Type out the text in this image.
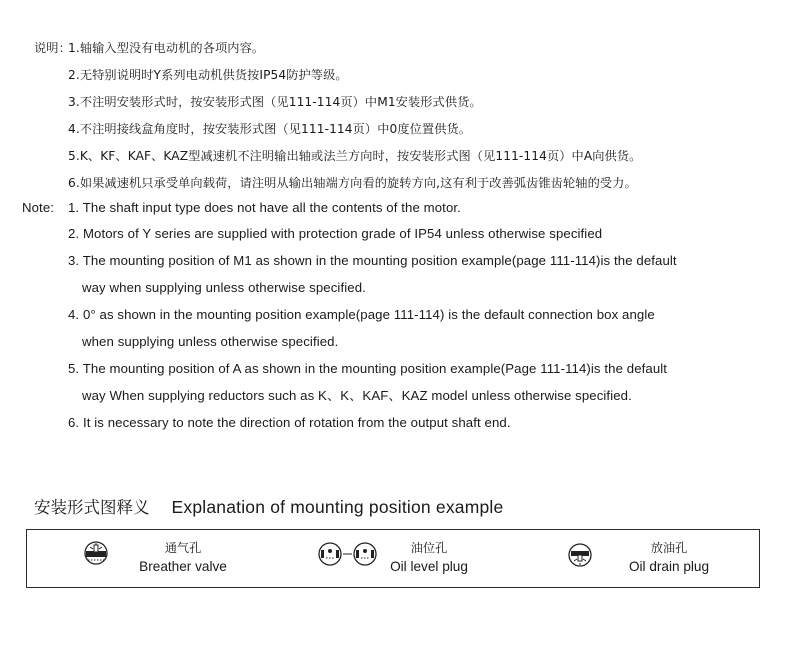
说明：
1.轴输入型没有电动机的各项内容。
2.无特别说明时Y系列电动机供货按IP54防护等级。
3.不注明安装形式时，按安装形式图（见111-114页）中M1安装形式供货。
4.不注明接线盒角度时，按安装形式图（见111-114页）中0度位置供货。
5.K、KF、KAF、KAZ型减速机不注明输出轴或法兰方向时，按安装形式图（见111-114页）中A向供货。
6.如果减速机只承受单向载荷，请注明从输出轴端方向看的旋转方向,这有利于改善弧齿锥齿轮轴的受力。
Note: 1. The shaft input type does not have all the contents of the motor.
2. Motors of Y series are supplied with protection grade of IP54 unless otherwise specified
3. The mounting position of M1 as shown in the mounting position example(page 111-114)is the default
way when supplying unless otherwise specified.
4. 0° as shown in the mounting position example(page 111-114) is the default connection box angle
when supplying unless otherwise specified.
5. The mounting position of A as shown in the mounting position example(Page 111-114)is the default
way When supplying reductors such as K、K、KAF、KAZ model unless otherwise specified.
6. It is necessary to note the direction of rotation from the output shaft end.
安装形式图释义 Explanation of mounting position example
通气孔
Breather valve
油位孔
Oil level plug
放油孔
Oil drain plug
